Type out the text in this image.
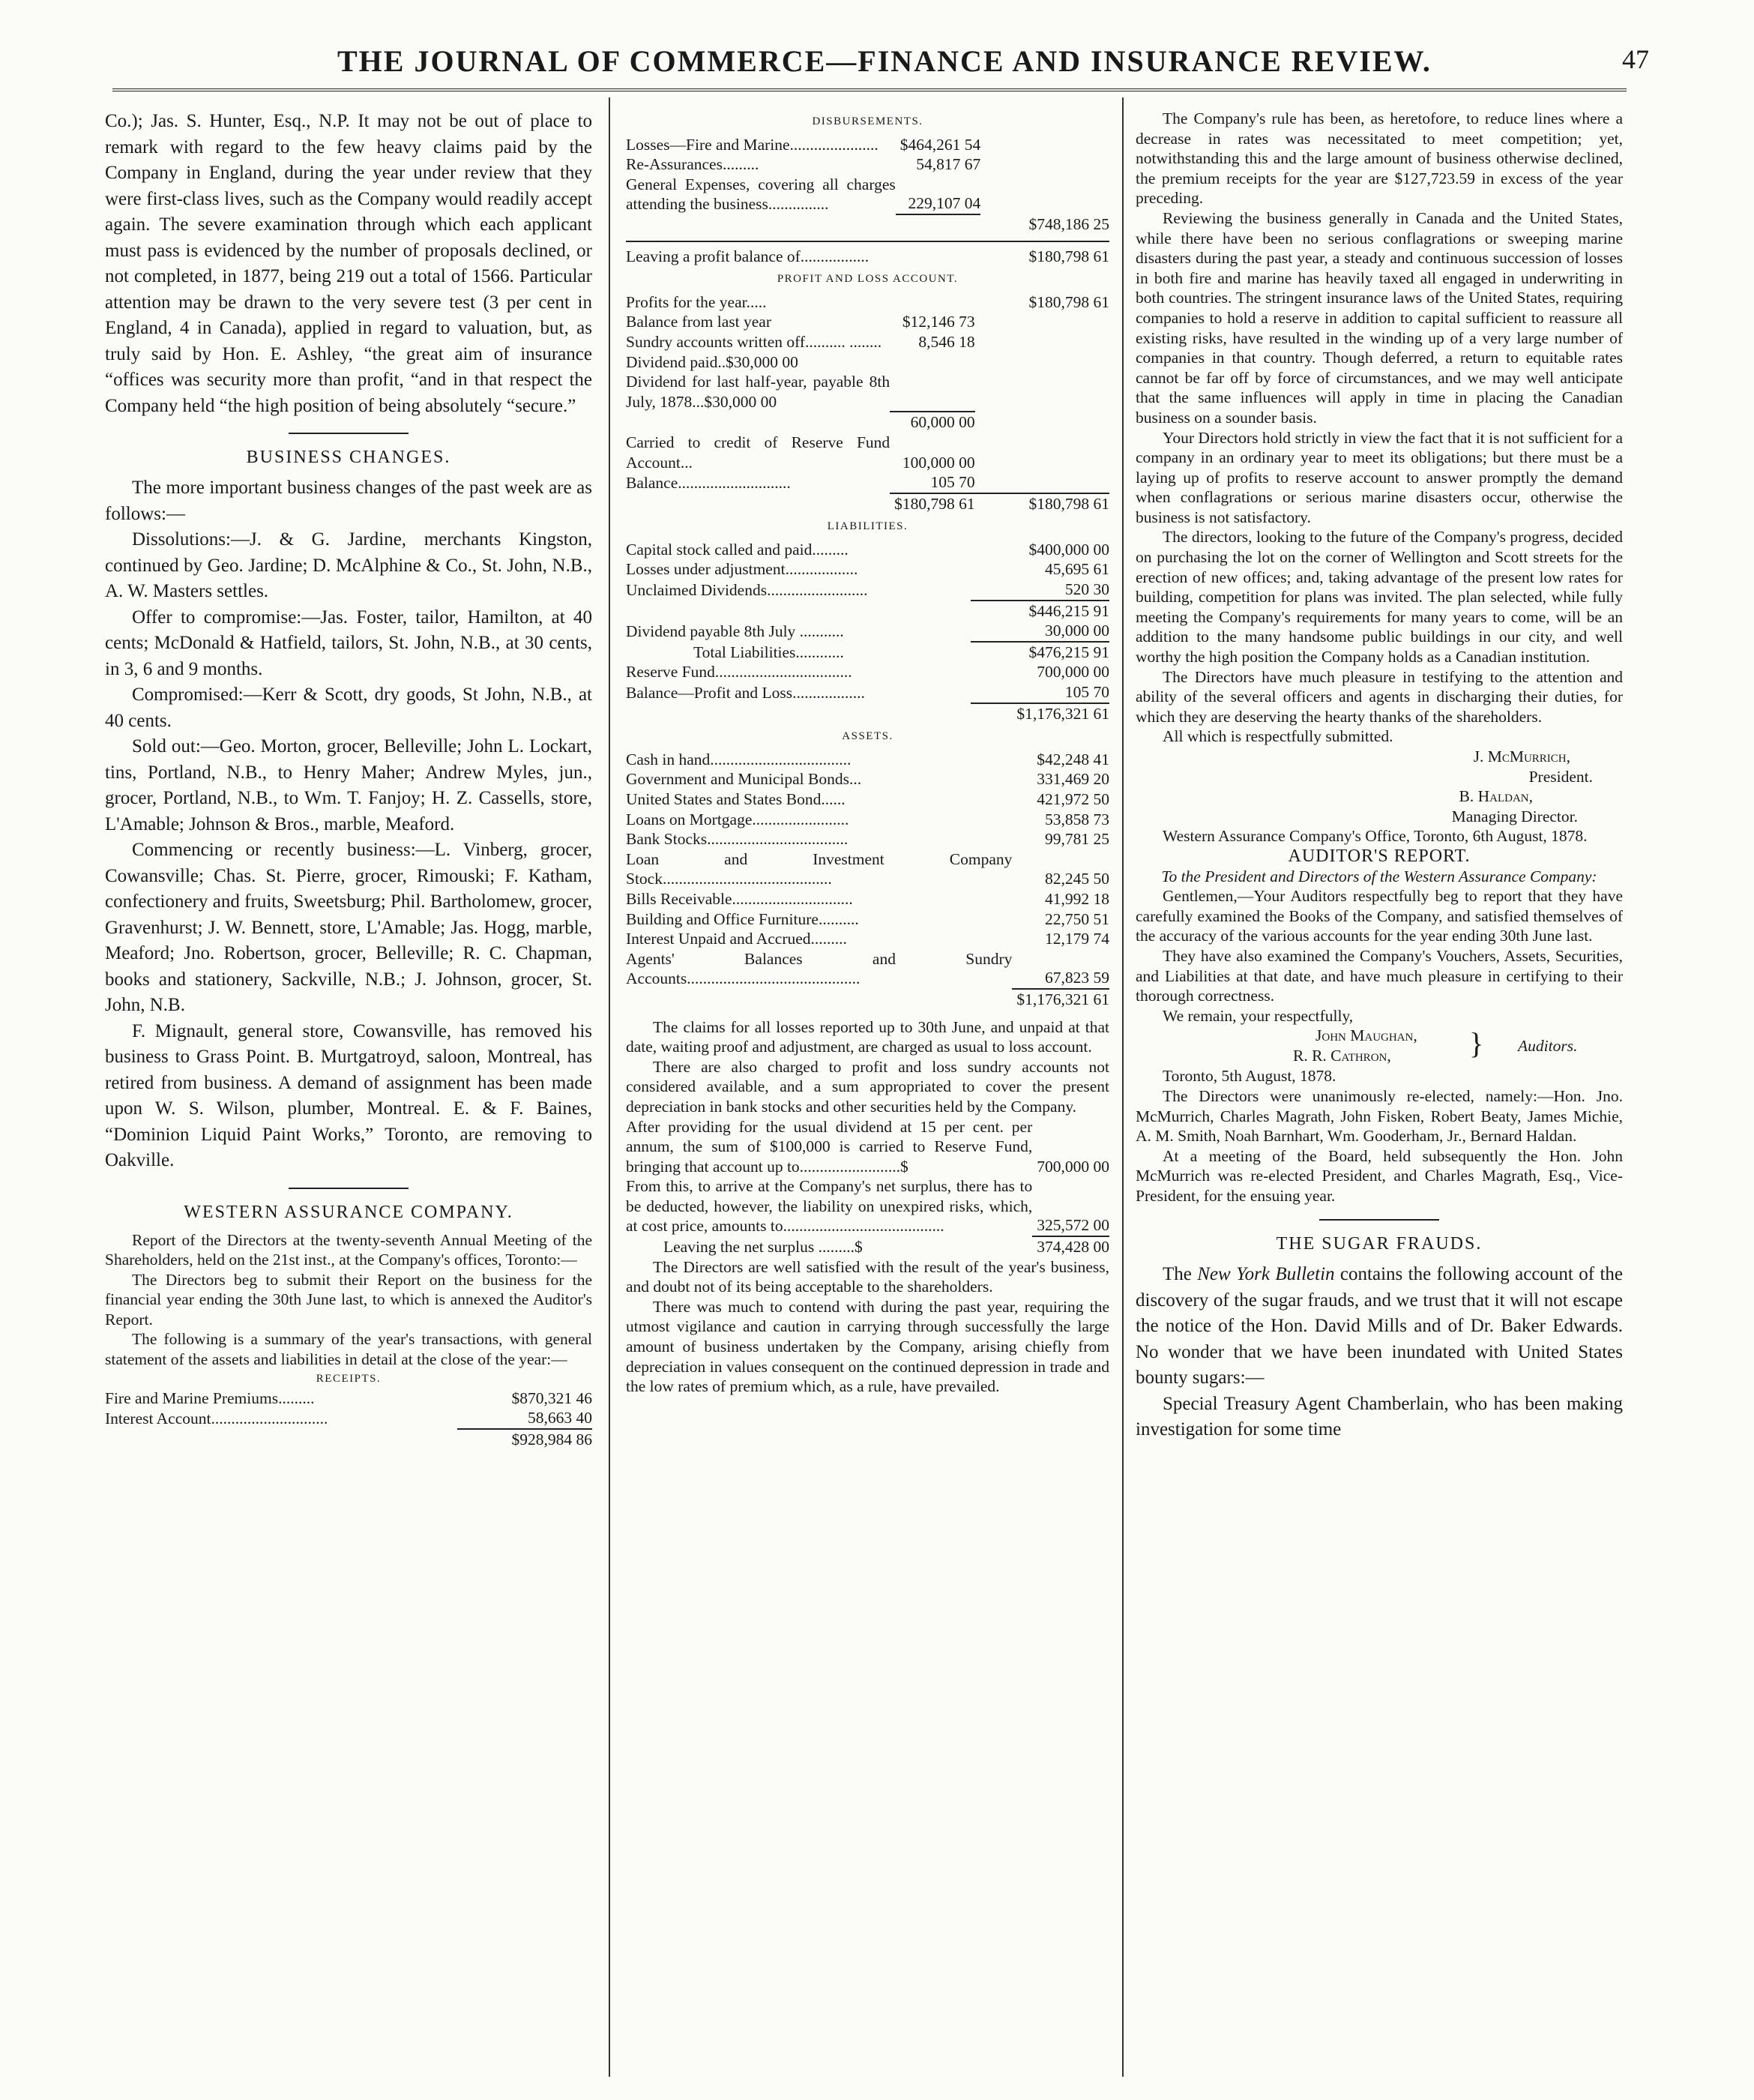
THE JOURNAL OF COMMERCE—FINANCE AND INSURANCE REVIEW.	47

Co.); Jas. S. Hunter, Esq., N.P. It may not be out of place to remark with regard to the few heavy claims paid by the Company in England, during the year under review that they were first-class lives, such as the Company would readily accept again. The severe examination through which each applicant must pass is evidenced by the number of proposals declined, or not completed, in 1877, being 219 out a total of 1566. Particular attention may be drawn to the very severe test (3 per cent in England, 4 in Canada), applied in regard to valuation, but, as truly said by Hon. E. Ashley, “the great aim of insurance “offices was security more than profit, “and in that respect the Company held “the high position of being absolutely “secure.”

BUSINESS CHANGES.

The more important business changes of the past week are as follows:—

Dissolutions:—J. & G. Jardine, merchants Kingston, continued by Geo. Jardine; D. McAlphine & Co., St. John, N.B., A. W. Masters settles.

Offer to compromise:—Jas. Foster, tailor, Hamilton, at 40 cents; McDonald & Hatfield, tailors, St. John, N.B., at 30 cents, in 3, 6 and 9 months.

Compromised:—Kerr & Scott, dry goods, St John, N.B., at 40 cents.

Sold out:—Geo. Morton, grocer, Belleville; John L. Lockart, tins, Portland, N.B., to Henry Maher; Andrew Myles, jun., grocer, Portland, N.B., to Wm. T. Fanjoy; H. Z. Cassells, store, L'Amable; Johnson & Bros., marble, Meaford.

Commencing or recently business:—L. Vinberg, grocer, Cowansville; Chas. St. Pierre, grocer, Rimouski; F. Katham, confectionery and fruits, Sweetsburg; Phil. Bartholomew, grocer, Gravenhurst; J. W. Bennett, store, L'Amable; Jas. Hogg, marble, Meaford; Jno. Robertson, grocer, Belleville; R. C. Chapman, books and stationery, Sackville, N.B.; J. Johnson, grocer, St. John, N.B.

F. Mignault, general store, Cowansville, has removed his business to Grass Point. B. Murtgatroyd, saloon, Montreal, has retired from business. A demand of assignment has been made upon W. S. Wilson, plumber, Montreal. E. & F. Baines, “Dominion Liquid Paint Works,” Toronto, are removing to Oakville.

WESTERN ASSURANCE COMPANY.

Report of the Directors at the twenty-seventh Annual Meeting of the Shareholders, held on the 21st inst., at the Company's offices, Toronto:—

The Directors beg to submit their Report on the business for the financial year ending the 30th June last, to which is annexed the Auditor's Report.

The following is a summary of the year's transactions, with general statement of the assets and liabilities in detail at the close of the year:—

RECEIPTS.
Fire and Marine Premiums.........	$870,321 46
Interest Account.............................	58,663 40
	$928,984 86
DISBURSEMENTS.
Losses—Fire and Marine......................	$464,261 54	
Re-Assurances.........	54,817 67	
General Expenses, covering all charges attending the business...............	229,107 04	
		$748,186 25
Leaving a profit balance of.................	$180,798 61
PROFIT AND LOSS ACCOUNT.
Profits for the year.....		$180,798 61
Balance from last year	$12,146 73	
Sundry accounts written off.......... ........	8,546 18	
Dividend paid..$30,000 00		
Dividend for last half-year, payable 8th July, 1878...$30,000 00		
	60,000 00	
Carried to credit of Reserve Fund Account...	100,000 00	
Balance............................	105 70	
	$180,798 61	$180,798 61
LIABILITIES.
Capital stock called and paid.........	$400,000 00
Losses under adjustment..................	45,695 61
Unclaimed Dividends.........................	520 30
	$446,215 91
Dividend payable 8th July ...........	30,000 00
Total Liabilities............	$476,215 91
Reserve Fund..................................	700,000 00
Balance—Profit and Loss..................	105 70
	$1,176,321 61
ASSETS.
Cash in hand...................................	$42,248 41
Government and Municipal Bonds...	331,469 20
United States and States Bond......	421,972 50
Loans on Mortgage........................	53,858 73
Bank Stocks...................................	99,781 25
Loan and Investment Company Stock..........................................	82,245 50
Bills Receivable..............................	41,992 18
Building and Office Furniture..........	22,750 51
Interest Unpaid and Accrued.........	12,179 74
Agents' Balances and Sundry Accounts...........................................	67,823 59
	$1,176,321 61

The claims for all losses reported up to 30th June, and unpaid at that date, waiting proof and adjustment, are charged as usual to loss account.

There are also charged to profit and loss sundry accounts not considered available, and a sum appropriated to cover the present depreciation in bank stocks and other securities held by the Company.

After providing for the usual dividend at 15 per cent. per annum, the sum of $100,000 is carried to Reserve Fund, bringing that account up to.........................$	700,000 00
From this, to arrive at the Company's net surplus, there has to be deducted, however, the liability on unexpired risks, which, at cost price, amounts to........................................	325,572 00
Leaving the net surplus .........$	374,428 00

The Directors are well satisfied with the result of the year's business, and doubt not of its being acceptable to the shareholders.

There was much to contend with during the past year, requiring the utmost vigilance and caution in carrying through successfully the large amount of business undertaken by the Company, arising chiefly from depreciation in values consequent on the continued depression in trade and the low rates of premium which, as a rule, have prevailed.

The Company's rule has been, as heretofore, to reduce lines where a decrease in rates was necessitated to meet competition; yet, notwithstanding this and the large amount of business otherwise declined, the premium receipts for the year are $127,723.59 in excess of the year preceding.

Reviewing the business generally in Canada and the United States, while there have been no serious conflagrations or sweeping marine disasters during the past year, a steady and continuous succession of losses in both fire and marine has heavily taxed all engaged in underwriting in both countries. The stringent insurance laws of the United States, requiring companies to hold a reserve in addition to capital sufficient to reassure all existing risks, have resulted in the winding up of a very large number of companies in that country. Though deferred, a return to equitable rates cannot be far off by force of circumstances, and we may well anticipate that the same influences will apply in time in placing the Canadian business on a sounder basis.

Your Directors hold strictly in view the fact that it is not sufficient for a company in an ordinary year to meet its obligations; but there must be a laying up of profits to reserve account to answer promptly the demand when conflagrations or serious marine disasters occur, otherwise the business is not satisfactory.

The directors, looking to the future of the Company's progress, decided on purchasing the lot on the corner of Wellington and Scott streets for the erection of new offices; and, taking advantage of the present low rates for building, competition for plans was invited. The plan selected, while fully meeting the Company's requirements for many years to come, will be an addition to the many handsome public buildings in our city, and well worthy the high position the Company holds as a Canadian institution.

The Directors have much pleasure in testifying to the attention and ability of the several officers and agents in discharging their duties, for which they are deserving the hearty thanks of the shareholders.

All which is respectfully submitted.

J. McMurrich,

President.

B. Haldan,

Managing Director.

Western Assurance Company's Office, Toronto, 6th August, 1878.

AUDITOR'S REPORT.

To the President and Directors of the Western Assurance Company:

Gentlemen,—Your Auditors respectfully beg to report that they have carefully examined the Books of the Company, and satisfied themselves of the accuracy of the various accounts for the year ending 30th June last.

They have also examined the Company's Vouchers, Assets, Securities, and Liabilities at that date, and have much pleasure in certifying to their thorough correctness.

We remain, your respectfully,

John Maughan,
R. R. Cathron,	} Auditors.

Toronto, 5th August, 1878.

The Directors were unanimously re-elected, namely:—Hon. Jno. McMurrich, Charles Magrath, John Fisken, Robert Beaty, James Michie, A. M. Smith, Noah Barnhart, Wm. Gooderham, Jr., Bernard Haldan.

At a meeting of the Board, held subsequently the Hon. John McMurrich was re-elected President, and Charles Magrath, Esq., Vice-President, for the ensuing year.

THE SUGAR FRAUDS.

The New York Bulletin contains the following account of the discovery of the sugar frauds, and we trust that it will not escape the notice of the Hon. David Mills and of Dr. Baker Edwards. No wonder that we have been inundated with United States bounty sugars:—

Special Treasury Agent Chamberlain, who has been making investigation for some time
